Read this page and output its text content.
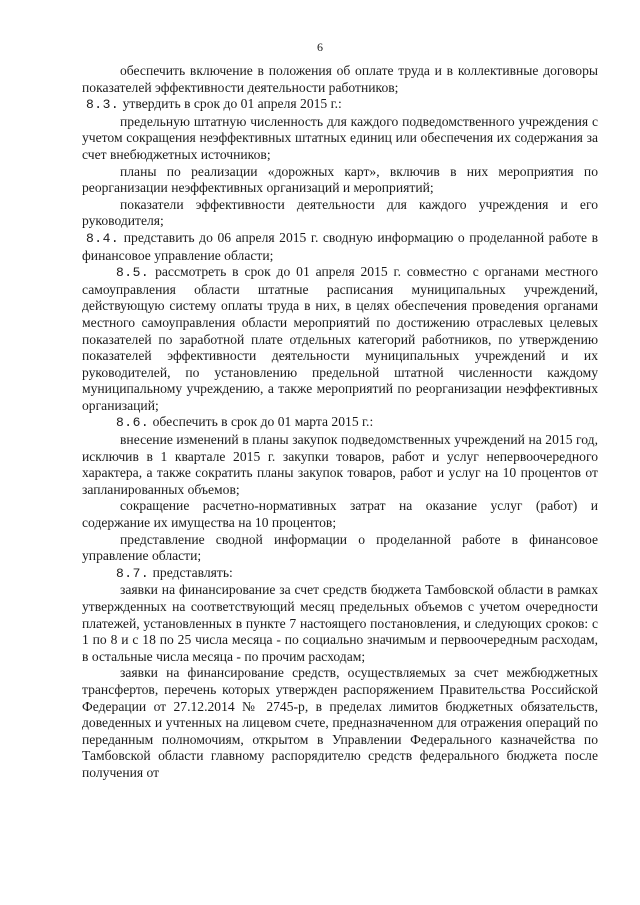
6

обеспечить включение в положения об оплате труда и в коллективные договоры показателей эффективности деятельности работников;

8.3. утвердить в срок до 01 апреля 2015 г.:

предельную штатную численность для каждого подведомственного учреждения с учетом сокращения неэффективных штатных единиц или обеспечения их содержания за счет внебюджетных источников;

планы по реализации «дорожных карт», включив в них мероприятия по реорганизации неэффективных организаций и мероприятий;

показатели эффективности деятельности для каждого учреждения и его руководителя;

8.4. представить до 06 апреля 2015 г. сводную информацию о проделанной работе в финансовое управление области;

8.5. рассмотреть в срок до 01 апреля 2015 г. совместно с органами местного самоуправления области штатные расписания муниципальных учреждений, действующую систему оплаты труда в них, в целях обеспечения проведения органами местного самоуправления области мероприятий по достижению отраслевых целевых показателей по заработной плате отдельных категорий работников, по утверждению показателей эффективности деятельности муниципальных учреждений и их руководителей, по установлению предельной штатной численности каждому муниципальному учреждению, а также мероприятий по реорганизации неэффективных организаций;

8.6. обеспечить в срок до 01 марта 2015 г.:

внесение изменений в планы закупок подведомственных учреждений на 2015 год, исключив в 1 квартале 2015 г. закупки товаров, работ и услуг непервоочередного характера, а также сократить планы закупок товаров, работ и услуг на 10 процентов от запланированных объемов;

сокращение расчетно-нормативных затрат на оказание услуг (работ) и содержание их имущества на 10 процентов;

представление сводной информации о проделанной работе в финансовое управление области;

8.7. представлять:

заявки на финансирование за счет средств бюджета Тамбовской области в рамках утвержденных на соответствующий месяц предельных объемов с учетом очередности платежей, установленных в пункте 7 настоящего постановления, и следующих сроков: с 1 по 8 и с 18 по 25 числа месяца - по социально значимым и первоочередным расходам, в остальные числа месяца - по прочим расходам;

заявки на финансирование средств, осуществляемых за счет межбюджетных трансфертов, перечень которых утвержден распоряжением Правительства Российской Федерации от 27.12.2014 № 2745-р, в пределах лимитов бюджетных обязательств, доведенных и учтенных на лицевом счете, предназначенном для отражения операций по переданным полномочиям, открытом в Управлении Федерального казначейства по Тамбовской области главному распорядителю средств федерального бюджета после получения от
